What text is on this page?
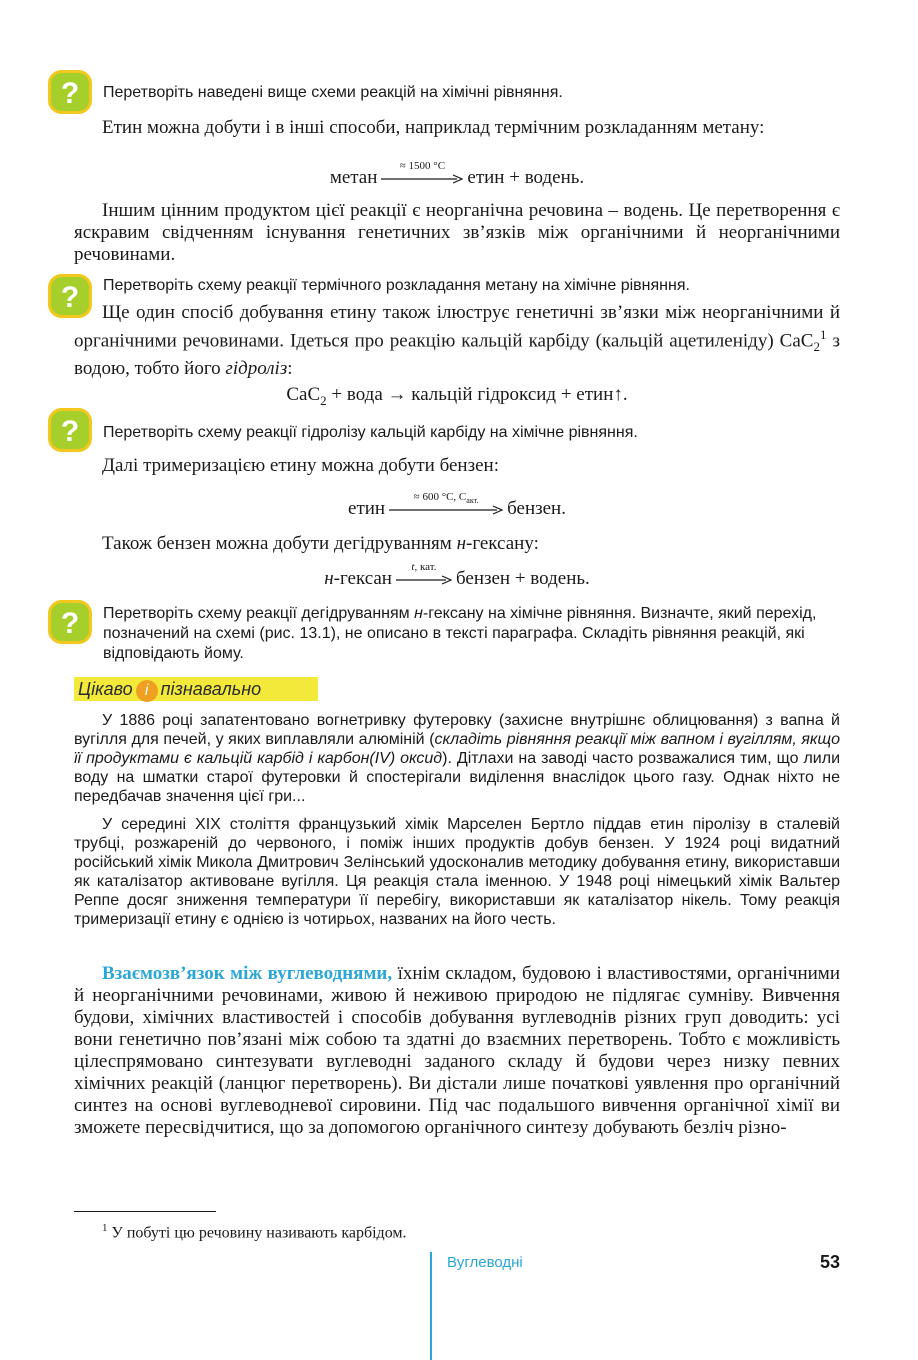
?
?
?
?
Перетворіть наведені вище схеми реакцій на хімічні рівняння.
Етин можна добути і в інші способи, наприклад термічним розкладанням метану:
метан
≈ 1500 °C
етин + водень.
Іншим цінним продуктом цієї реакції є неорганічна речовина – водень. Це перетворення є яскравим свідченням існування генетичних зв’язків між органічними й неорганічними речовинами.
Перетворіть схему реакції термічного розкладання метану на хімічне рівняння.
Ще один спосіб добування етину також ілюструє генетичні зв’язки між неорганічними й органічними речовинами. Ідеться про реакцію кальцій карбіду (кальцій ацетиленіду) CaC$_2^1$ з водою, тобто його гідроліз:
CaC$_2$ + вода → кальцій гідроксид + етин↑.
Перетворіть схему реакції гідролізу кальцій карбіду на хімічне рівняння.
Далі тримеризацією етину можна добути бензен:
етин
≈ 600 °C, $C_{акт.}$	бензен.
Також бензен можна добути дегідруванням н-гексану:
н-гексан
t, кат.
бензен + водень.
Перетворіть схему реакції дегідруванням н-гексану на хімічне рівняння. Визначте, який перехід, позначений на схемі (рис. 13.1), не описано в тексті параграфа. Складіть рівняння реакцій, які відповідають йому.
Цікаво і пізнавально
У 1886 році запатентовано вогнетривку футеровку (захисне внутрішнє облицювання) з вапна й вугілля для печей, у яких виплавляли алюміній (складіть рівняння реакції між вапном і вугіллям, якщо її продуктами є кальцій карбід і карбон(IV) оксид). Дітлахи на заводі часто розважалися тим, що лили воду на шматки старої футеровки й спостерігали виділення внаслідок цього газу. Однак ніхто не передбачав значення цієї гри...
У середині XIX століття французький хімік Марселен Бертло піддав етин піролізу в сталевій трубці, розжареній до червоного, і поміж інших продуктів добув бензен. У 1924 році видатний російський хімік Микола Дмитрович Зелінський удосконалив методику добування етину, використавши як каталізатор активоване вугілля. Ця реакція стала іменною. У 1948 році німецький хімік Вальтер Реппе досяг зниження температури її перебігу, використавши як каталізатор нікель. Тому реакція тримеризації етину є однією із чотирьох, названих на його честь.
Взаємозв’язок між вуглеводнями, їхнім складом, будовою і властивостями, органічними й неорганічними речовинами, живою й неживою природою не підлягає сумніву. Вивчення будови, хімічних властивостей і способів добування вуглеводнів різних груп доводить: усі вони генетично пов’язані між собою та здатні до взаємних перетворень. Тобто є можливість цілеспрямовано синтезувати вуглеводні заданого складу й будови через низку певних хімічних реакцій (ланцюг перетворень). Ви дістали лише початкові уявлення про органічний синтез на основі вуглеводневої сировини. Під час подальшого вивчення органічної хімії ви зможете пересвідчитися, що за допомогою органічного синтезу добувають безліч різно-
$^1$ У побуті цю речовину називають карбідом.
Вуглеводні	53
